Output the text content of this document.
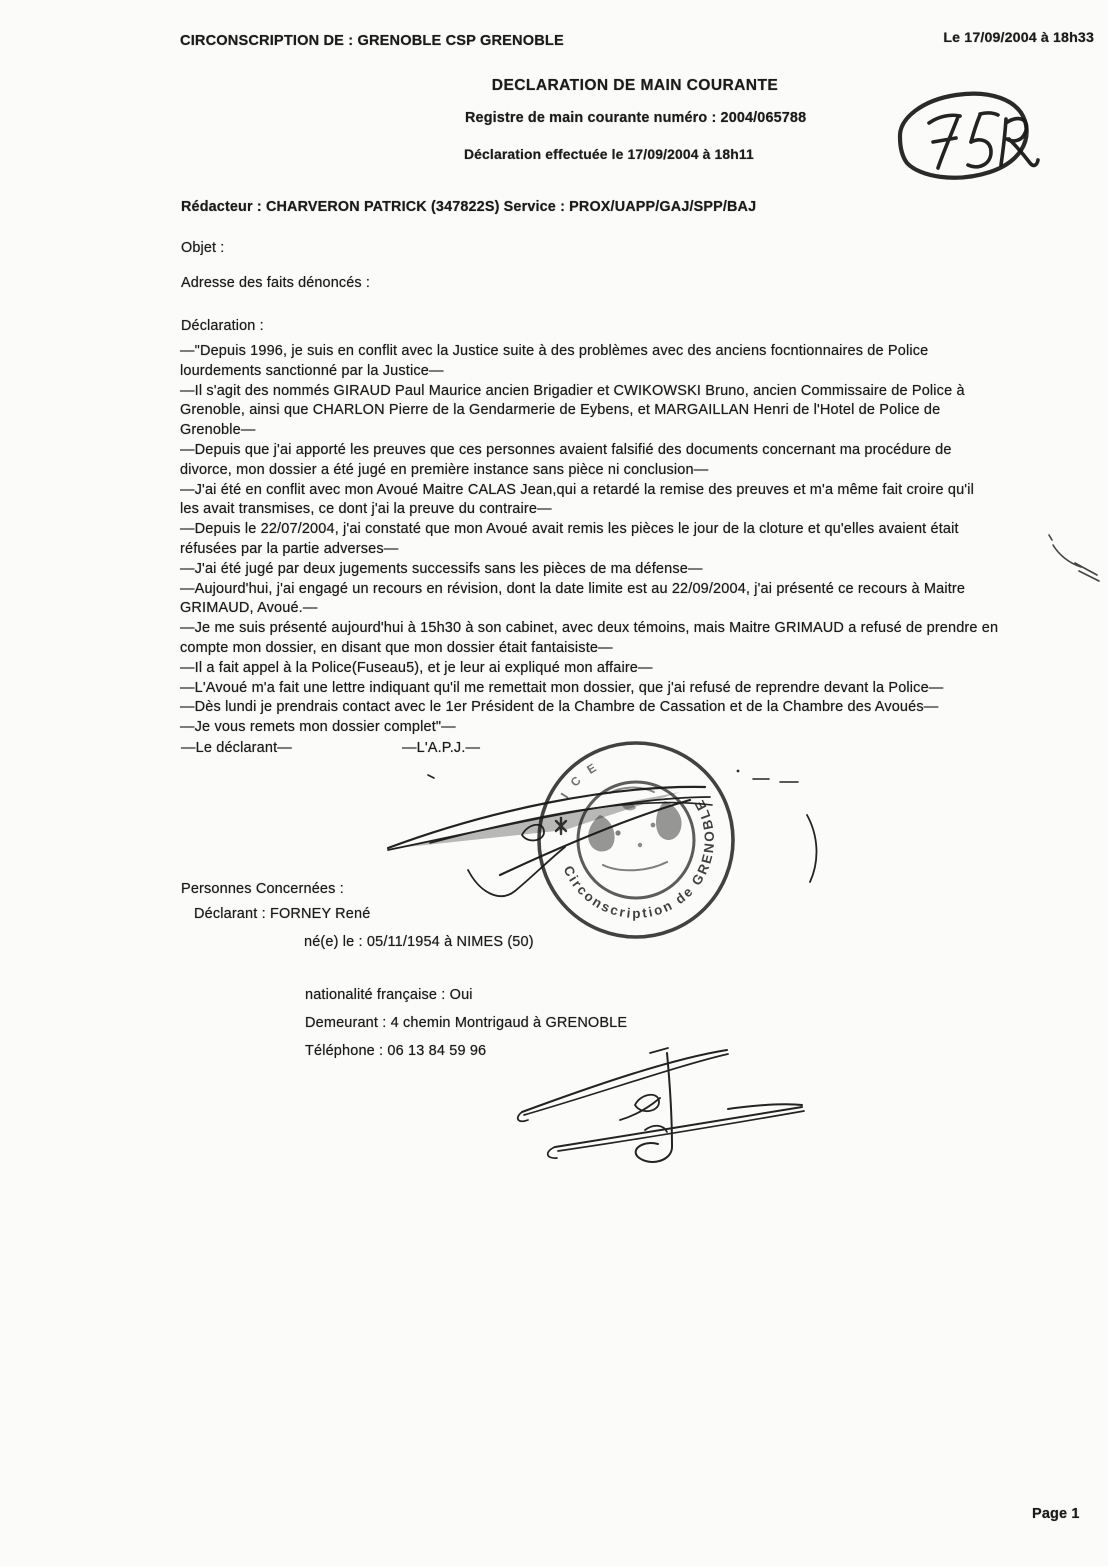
CIRCONSCRIPTION DE : GRENOBLE CSP GRENOBLE	Le 17/09/2004 à 18h33
DECLARATION DE MAIN COURANTE
Registre de main courante numéro : 2004/065788
Déclaration effectuée le 17/09/2004 à 18h11
Rédacteur : CHARVERON PATRICK (347822S) Service : PROX/UAPP/GAJ/SPP/BAJ
Objet :
Adresse des faits dénoncés :
Déclaration :
—"Depuis 1996, je suis en conflit avec la Justice suite à des problèmes avec des anciens focntionnaires de Police
lourdements sanctionné par la Justice—
—Il s'agit des nommés GIRAUD Paul Maurice ancien Brigadier et CWIKOWSKI Bruno, ancien Commissaire de Police à
Grenoble, ainsi que CHARLON Pierre de la Gendarmerie de Eybens, et MARGAILLAN Henri de l'Hotel de Police de
Grenoble—
—Depuis que j'ai apporté les preuves que ces personnes avaient falsifié des documents concernant ma procédure de
divorce, mon dossier a été jugé en première instance sans pièce ni conclusion—
—J'ai été en conflit avec mon Avoué Maitre CALAS Jean,qui a retardé la remise des preuves et m'a même fait croire qu'il
les avait transmises, ce dont j'ai la preuve du contraire—
—Depuis le 22/07/2004, j'ai constaté que mon Avoué avait remis les pièces le jour de la cloture et qu'elles avaient était
réfusées par la partie adverses—
—J'ai été jugé par deux jugements successifs sans les pièces de ma défense—
—Aujourd'hui, j'ai engagé un recours en révision, dont la date limite est au 22/09/2004, j'ai présenté ce recours à Maitre
GRIMAUD, Avoué.—
—Je me suis présenté aujourd'hui à 15h30 à son cabinet, avec deux témoins, mais Maitre GRIMAUD a refusé de prendre en
compte mon dossier, en disant que mon dossier était fantaisiste—
—Il a fait appel à la Police(Fuseau5), et je leur ai expliqué mon affaire—
—L'Avoué m'a fait une lettre indiquant qu'il me remettait mon dossier, que j'ai refusé de reprendre devant la Police—
—Dès lundi je prendrais contact avec le 1er Président de la Chambre de Cassation et de la Chambre des Avoués—
—Je vous remets mon dossier complet"—
—Le déclarant—	—L'A.P.J.—
Circonscription de GRENOBLE
ICE
Personnes Concernées :
Déclarant : FORNEY René
né(e) le : 05/11/1954 à NIMES (50)
nationalité française : Oui
Demeurant : 4 chemin Montrigaud à GRENOBLE
Téléphone : 06 13 84 59 96
Page 1
